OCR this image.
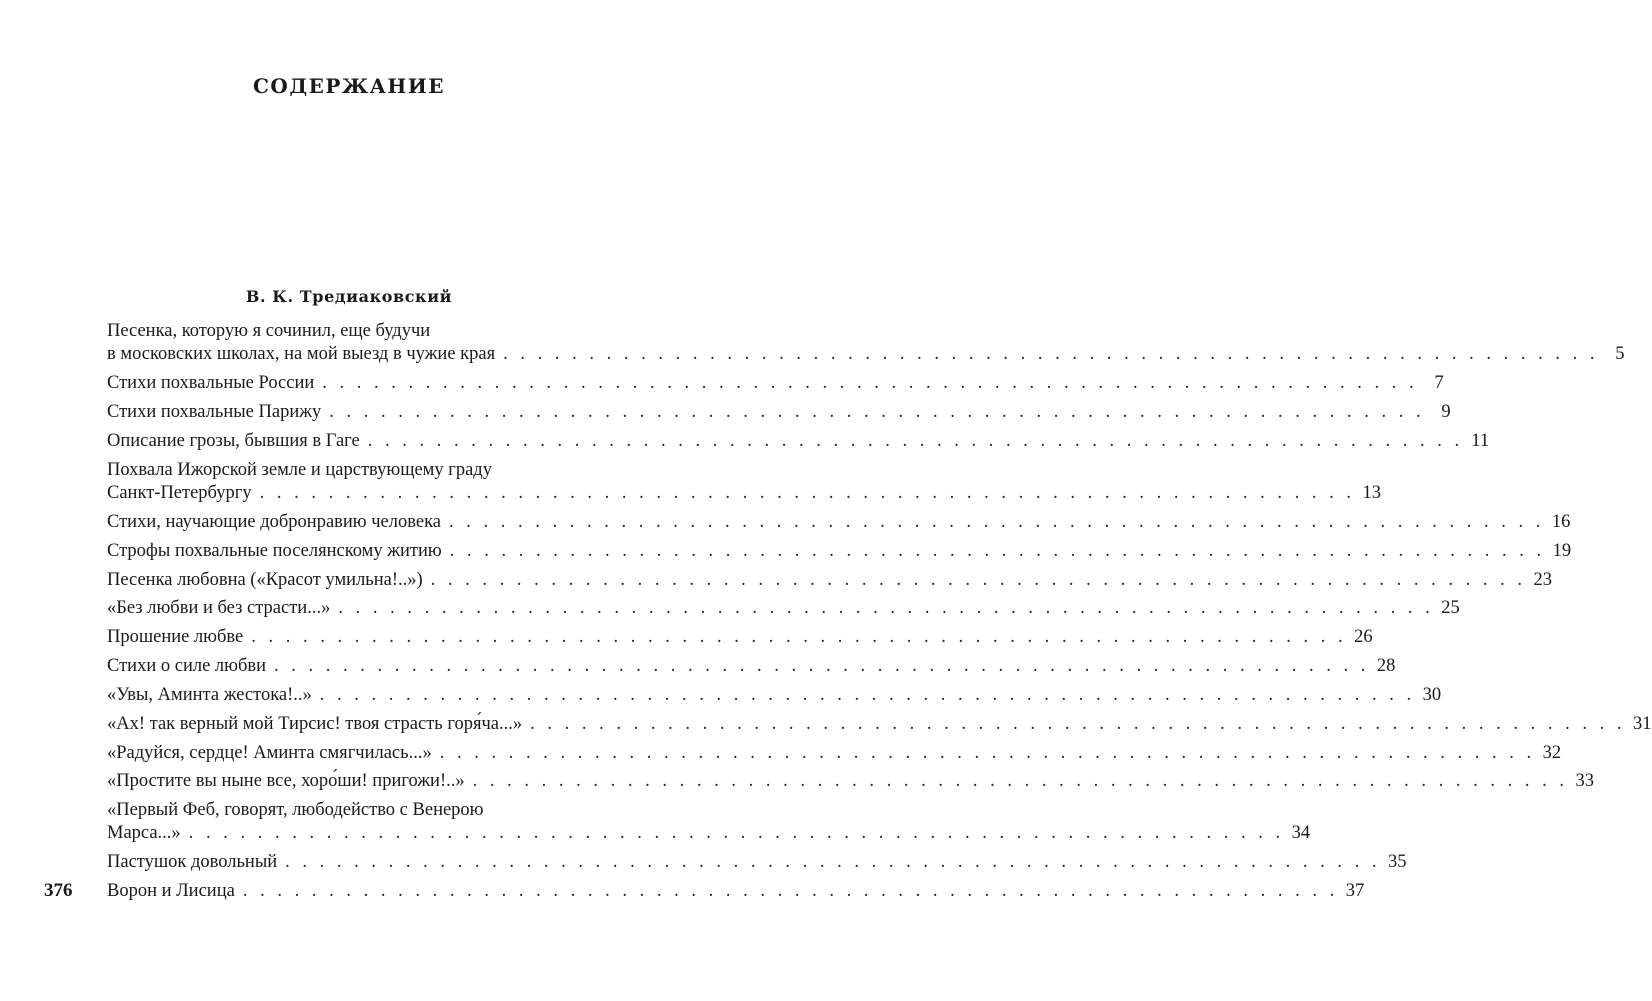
СОДЕРЖАНИЕ
В. К. Тредиаковский
Песенка, которую я сочинил, еще будучи
в московских школах, на мой выезд в чужие края . . . . . . . . . . . . . . . . . . . . . . . . . . . . . . . . . . . . . . . . . . . . . . . . . . . . . . . . . . . . . . . . 5
Стихи похвальные России . . . . . . . . . . . . . . . . . . . . . . . . . . . . . . . . . . . . . . . . . . . . . . . . . . . . . . . . . . . . . . . . 7
Стихи похвальные Парижу . . . . . . . . . . . . . . . . . . . . . . . . . . . . . . . . . . . . . . . . . . . . . . . . . . . . . . . . . . . . . . . . 9
Описание грозы, бывшия в Гаге . . . . . . . . . . . . . . . . . . . . . . . . . . . . . . . . . . . . . . . . . . . . . . . . . . . . . . . . . . . . . . . . 11
Похвала Ижорской земле и царствующему граду
Санкт-Петербургу . . . . . . . . . . . . . . . . . . . . . . . . . . . . . . . . . . . . . . . . . . . . . . . . . . . . . . . . . . . . . . . . 13
Стихи, научающие добронравию человека . . . . . . . . . . . . . . . . . . . . . . . . . . . . . . . . . . . . . . . . . . . . . . . . . . . . . . . . . . . . . . . . 16
Строфы похвальные поселянскому житию . . . . . . . . . . . . . . . . . . . . . . . . . . . . . . . . . . . . . . . . . . . . . . . . . . . . . . . . . . . . . . . . 19
Песенка любовна («Красот умильна!..») . . . . . . . . . . . . . . . . . . . . . . . . . . . . . . . . . . . . . . . . . . . . . . . . . . . . . . . . . . . . . . . . 23
«Без любви и без страсти...» . . . . . . . . . . . . . . . . . . . . . . . . . . . . . . . . . . . . . . . . . . . . . . . . . . . . . . . . . . . . . . . . 25
Прошение любве . . . . . . . . . . . . . . . . . . . . . . . . . . . . . . . . . . . . . . . . . . . . . . . . . . . . . . . . . . . . . . . . 26
Стихи о силе любви . . . . . . . . . . . . . . . . . . . . . . . . . . . . . . . . . . . . . . . . . . . . . . . . . . . . . . . . . . . . . . . . 28
«Увы, Аминта жестока!..» . . . . . . . . . . . . . . . . . . . . . . . . . . . . . . . . . . . . . . . . . . . . . . . . . . . . . . . . . . . . . . . . 30
«Ах! так верный мой Тирсис! твоя страсть горя́ча...» . . . . . . . . . . . . . . . . . . . . . . . . . . . . . . . . . . . . . . . . . . . . . . . . . . . . . . . . . . . . . . . . 31
«Радуйся, сердце! Аминта смягчилась...» . . . . . . . . . . . . . . . . . . . . . . . . . . . . . . . . . . . . . . . . . . . . . . . . . . . . . . . . . . . . . . . . 32
«Простите вы ныне все, хоро́ши! пригожи!..» . . . . . . . . . . . . . . . . . . . . . . . . . . . . . . . . . . . . . . . . . . . . . . . . . . . . . . . . . . . . . . . . 33
«Первый Феб, говорят, любодейство с Венерою
Марса...» . . . . . . . . . . . . . . . . . . . . . . . . . . . . . . . . . . . . . . . . . . . . . . . . . . . . . . . . . . . . . . . . 34
Пастушок довольный . . . . . . . . . . . . . . . . . . . . . . . . . . . . . . . . . . . . . . . . . . . . . . . . . . . . . . . . . . . . . . . . 35
Ворон и Лисица . . . . . . . . . . . . . . . . . . . . . . . . . . . . . . . . . . . . . . . . . . . . . . . . . . . . . . . . . . . . . . . . 37
376
